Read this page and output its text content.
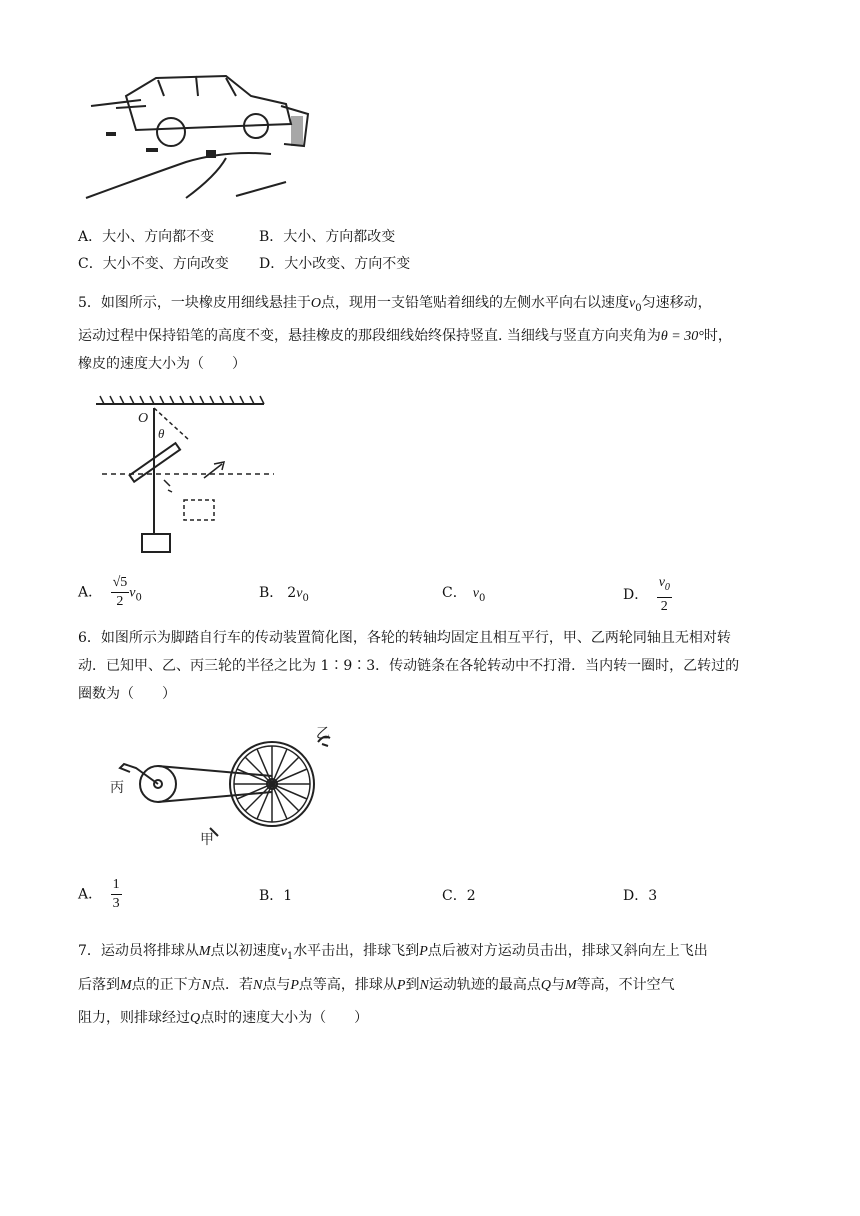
A．大小、方向都不变	B．大小、方向都改变
C．大小不变、方向改变 D．大小改变、方向不变
5．如图所示，一块橡皮用细线悬挂于O点，现用一支铅笔贴着细线的左侧水平向右以速度$v_0$匀速移动，
运动过程中保持铅笔的高度不变，悬挂橡皮的那段细线始终保持竖直. 当细线与竖直方向夹角为θ = 30°时，
橡皮的速度大小为（　　）
O
θ
A． $\frac{√5}{2} v_0$	B． $2v_0$	C． $v_0$	D． $\frac{v_0}{2}$
6．如图所示为脚踏自行车的传动装置简化图，各轮的转轴均固定且相互平行，甲、乙两轮同轴且无相对转
动．已知甲、乙、丙三轮的半径之比为 1∶9∶3．传动链条在各轮转动中不打滑．当内转一圈时，乙转过的
圈数为（　　）
丙
乙
甲
A． $\frac{1}{3}$	B．1	C．2	D．3
7．运动员将排球从M点以初速度$v_1$水平击出，排球飞到P点后被对方运动员击出，排球又斜向左上飞出
后落到M点的正下方N点．若N点与P点等高，排球从P到N运动轨迹的最高点Q与M等高，不计空气
阻力，则排球经过Q点时的速度大小为（　　）
